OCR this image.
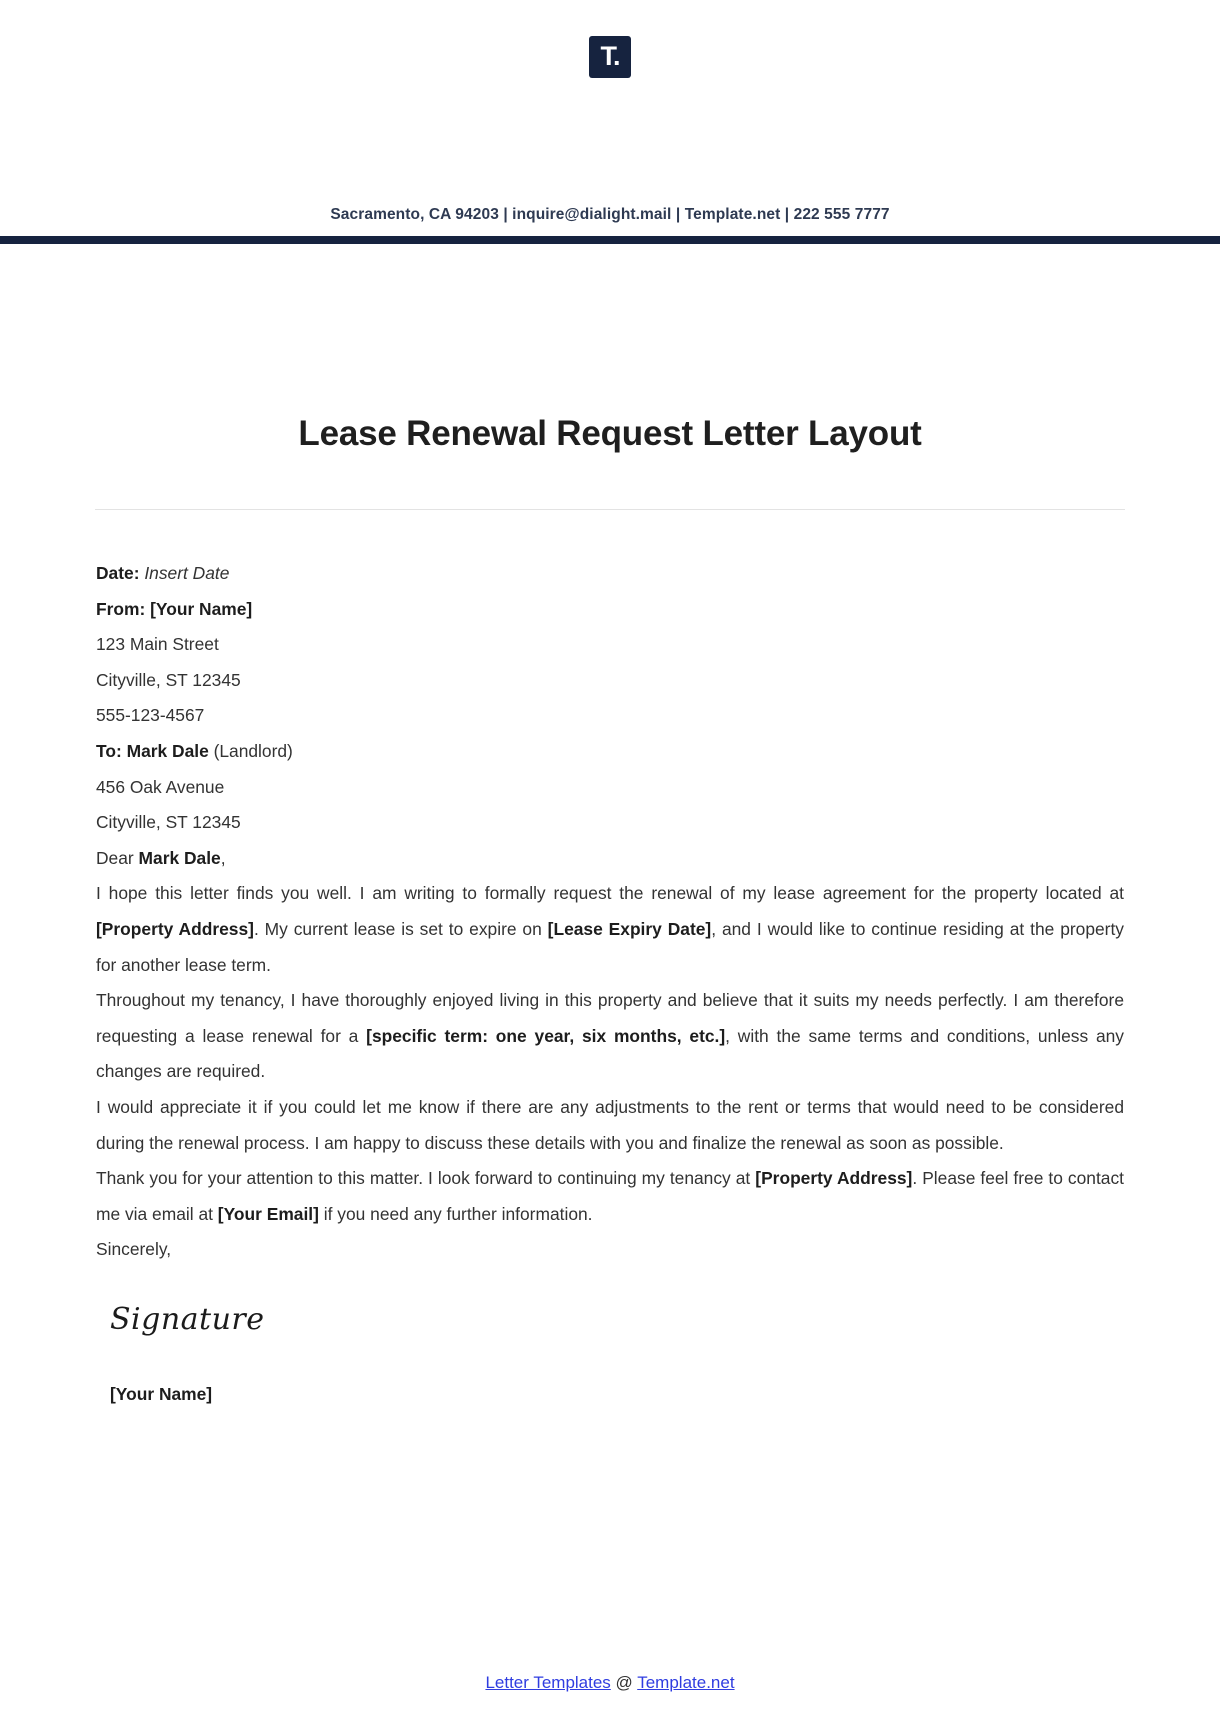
T.
Sacramento, CA 94203 | inquire@dialight.mail | Template.net | 222 555 7777
Lease Renewal Request Letter Layout

Date: Insert Date

From: [Your Name]

123 Main Street

Cityville, ST 12345

555-123-4567

To: Mark Dale (Landlord)

456 Oak Avenue

Cityville, ST 12345

Dear Mark Dale,

I hope this letter finds you well. I am writing to formally request the renewal of my lease agreement for the property located at [Property Address]. My current lease is set to expire on [Lease Expiry Date], and I would like to continue residing at the property for another lease term.

Throughout my tenancy, I have thoroughly enjoyed living in this property and believe that it suits my needs perfectly. I am therefore requesting a lease renewal for a [specific term: one year, six months, etc.], with the same terms and conditions, unless any changes are required.

I would appreciate it if you could let me know if there are any adjustments to the rent or terms that would need to be considered during the renewal process. I am happy to discuss these details with you and finalize the renewal as soon as possible.

Thank you for your attention to this matter. I look forward to continuing my tenancy at [Property Address]. Please feel free to contact me via email at [Your Email] if you need any further information.

Sincerely,

Signature
[Your Name]
Letter Templates @ Template.net
